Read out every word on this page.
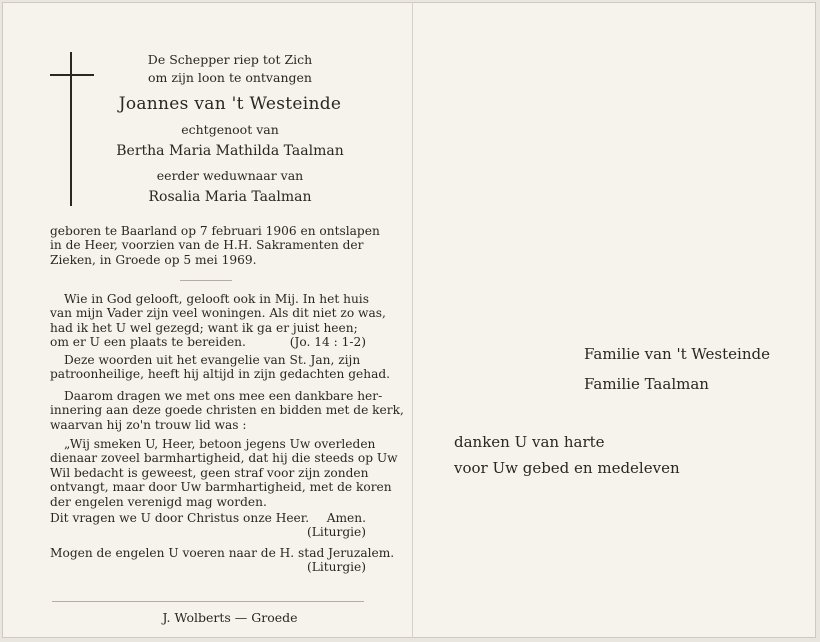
De Schepper riep tot Zich
om zijn loon te ontvangen
Joannes van 't Westeinde
echtgenoot van
Bertha Maria Mathilda Taalman
eerder weduwnaar van
Rosalia Maria Taalman
geboren te Baarland op 7 februari 1906 en ontslapen
in de Heer, voorzien van de H.H. Sakramenten der
Zieken, in Groede op 5 mei 1969.
Wie in God gelooft, gelooft ook in Mij. In het huis
van mijn Vader zijn veel woningen. Als dit niet zo was,
had ik het U wel gezegd; want ik ga er juist heen;
om er U een plaats te bereiden.	(Jo. 14 : 1-2)
Deze woorden uit het evangelie van St. Jan, zijn
patroonheilige, heeft hij altijd in zijn gedachten gehad.
Daarom dragen we met ons mee een dankbare her-
innering aan deze goede christen en bidden met de kerk,
waarvan hij zo'n trouw lid was :
„Wij smeken U, Heer, betoon jegens Uw overleden
dienaar zoveel barmhartigheid, dat hij die steeds op Uw
Wil bedacht is geweest, geen straf voor zijn zonden
ontvangt, maar door Uw barmhartigheid, met de koren
der engelen verenigd mag worden.
Dit vragen we U door Christus onze Heer. Amen.
(Liturgie)
Mogen de engelen U voeren naar de H. stad Jeruzalem.
(Liturgie)
J. Wolberts — Groede
Familie van 't Westeinde
Familie Taalman
danken U van harte
voor Uw gebed en medeleven
